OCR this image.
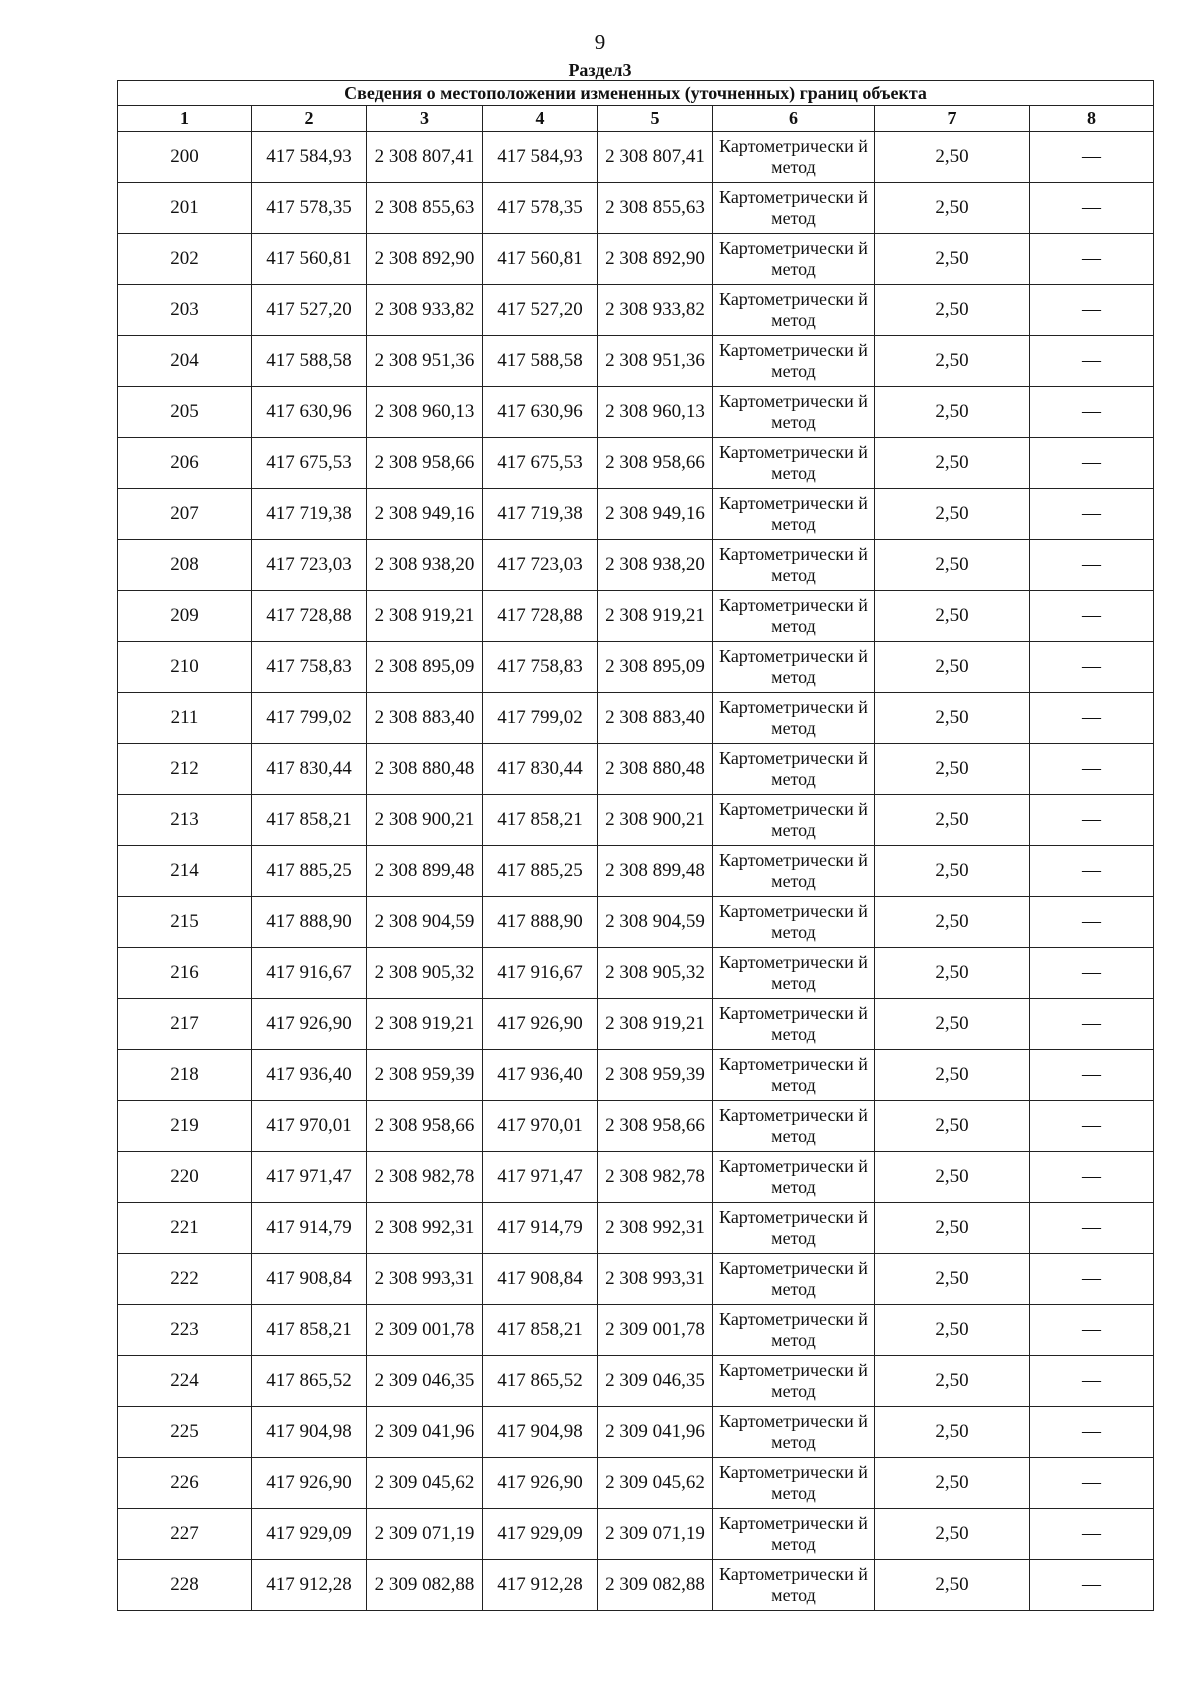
9
Раздел3
Сведения о местоположении измененных (уточненных) границ объекта							
1	2	3	4	5	6	7	8
200	417 584,93	2 308 807,41	417 584,93	2 308 807,41	Картометрически й метод	2,50	—
201	417 578,35	2 308 855,63	417 578,35	2 308 855,63	Картометрически й метод	2,50	—
202	417 560,81	2 308 892,90	417 560,81	2 308 892,90	Картометрически й метод	2,50	—
203	417 527,20	2 308 933,82	417 527,20	2 308 933,82	Картометрически й метод	2,50	—
204	417 588,58	2 308 951,36	417 588,58	2 308 951,36	Картометрически й метод	2,50	—
205	417 630,96	2 308 960,13	417 630,96	2 308 960,13	Картометрически й метод	2,50	—
206	417 675,53	2 308 958,66	417 675,53	2 308 958,66	Картометрически й метод	2,50	—
207	417 719,38	2 308 949,16	417 719,38	2 308 949,16	Картометрически й метод	2,50	—
208	417 723,03	2 308 938,20	417 723,03	2 308 938,20	Картометрически й метод	2,50	—
209	417 728,88	2 308 919,21	417 728,88	2 308 919,21	Картометрически й метод	2,50	—
210	417 758,83	2 308 895,09	417 758,83	2 308 895,09	Картометрически й метод	2,50	—
211	417 799,02	2 308 883,40	417 799,02	2 308 883,40	Картометрически й метод	2,50	—
212	417 830,44	2 308 880,48	417 830,44	2 308 880,48	Картометрически й метод	2,50	—
213	417 858,21	2 308 900,21	417 858,21	2 308 900,21	Картометрически й метод	2,50	—
214	417 885,25	2 308 899,48	417 885,25	2 308 899,48	Картометрически й метод	2,50	—
215	417 888,90	2 308 904,59	417 888,90	2 308 904,59	Картометрически й метод	2,50	—
216	417 916,67	2 308 905,32	417 916,67	2 308 905,32	Картометрически й метод	2,50	—
217	417 926,90	2 308 919,21	417 926,90	2 308 919,21	Картометрически й метод	2,50	—
218	417 936,40	2 308 959,39	417 936,40	2 308 959,39	Картометрически й метод	2,50	—
219	417 970,01	2 308 958,66	417 970,01	2 308 958,66	Картометрически й метод	2,50	—
220	417 971,47	2 308 982,78	417 971,47	2 308 982,78	Картометрически й метод	2,50	—
221	417 914,79	2 308 992,31	417 914,79	2 308 992,31	Картометрически й метод	2,50	—
222	417 908,84	2 308 993,31	417 908,84	2 308 993,31	Картометрически й метод	2,50	—
223	417 858,21	2 309 001,78	417 858,21	2 309 001,78	Картометрически й метод	2,50	—
224	417 865,52	2 309 046,35	417 865,52	2 309 046,35	Картометрически й метод	2,50	—
225	417 904,98	2 309 041,96	417 904,98	2 309 041,96	Картометрически й метод	2,50	—
226	417 926,90	2 309 045,62	417 926,90	2 309 045,62	Картометрически й метод	2,50	—
227	417 929,09	2 309 071,19	417 929,09	2 309 071,19	Картометрически й метод	2,50	—
228	417 912,28	2 309 082,88	417 912,28	2 309 082,88	Картометрически й метод	2,50	—
